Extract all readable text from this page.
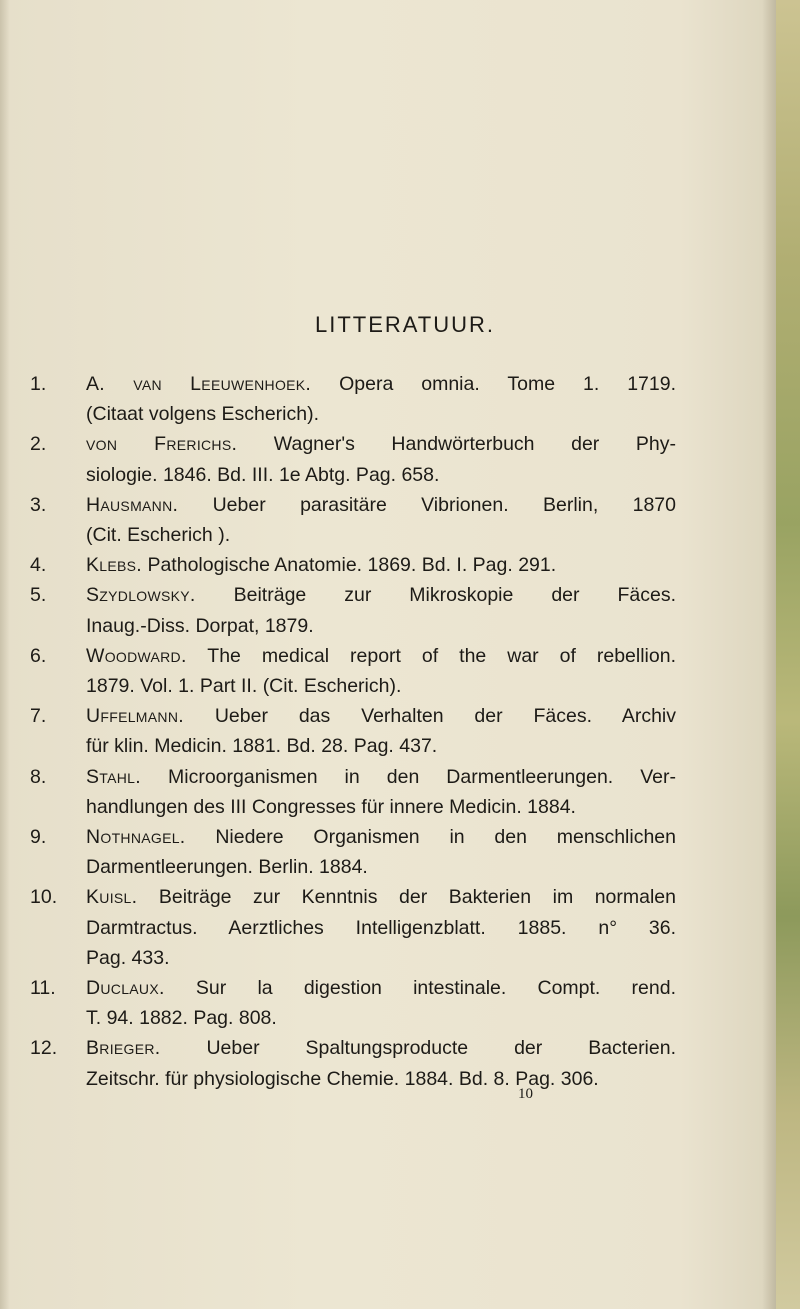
LITTERATUUR.
1.	A. van Leeuwenhoek. Opera omnia. Tome 1. 1719.
(Citaat volgens Escherich).
2.	von Frerichs. Wagner's Handwörterbuch der Phy-
siologie. 1846. Bd. III. 1e Abtg. Pag. 658.
3.	Hausmann. Ueber parasitäre Vibrionen. Berlin, 1870
(Cit. Escherich ).
4.	Klebs. Pathologische Anatomie. 1869. Bd. I. Pag. 291.
5.	Szydlowsky. Beiträge zur Mikroskopie der Fäces.
Inaug.-Diss. Dorpat, 1879.
6.	Woodward. The medical report of the war of rebellion.
1879. Vol. 1. Part II. (Cit. Escherich).
7.	Uffelmann. Ueber das Verhalten der Fäces. Archiv
für klin. Medicin. 1881. Bd. 28. Pag. 437.
8.	Stahl. Microorganismen in den Darmentleerungen. Ver-
handlungen des III Congresses für innere Medicin. 1884.
9.	Nothnagel. Niedere Organismen in den menschlichen
Darmentleerungen. Berlin. 1884.
10.	Kuisl. Beiträge zur Kenntnis der Bakterien im normalen
Darmtractus. Aerztliches Intelligenzblatt. 1885. n° 36.
Pag. 433.
11.	Duclaux. Sur la digestion intestinale. Compt. rend.
T. 94. 1882. Pag. 808.
12.	Brieger. Ueber Spaltungsproducte der Bacterien.
Zeitschr. für physiologische Chemie. 1884. Bd. 8. Pag. 306.
10
